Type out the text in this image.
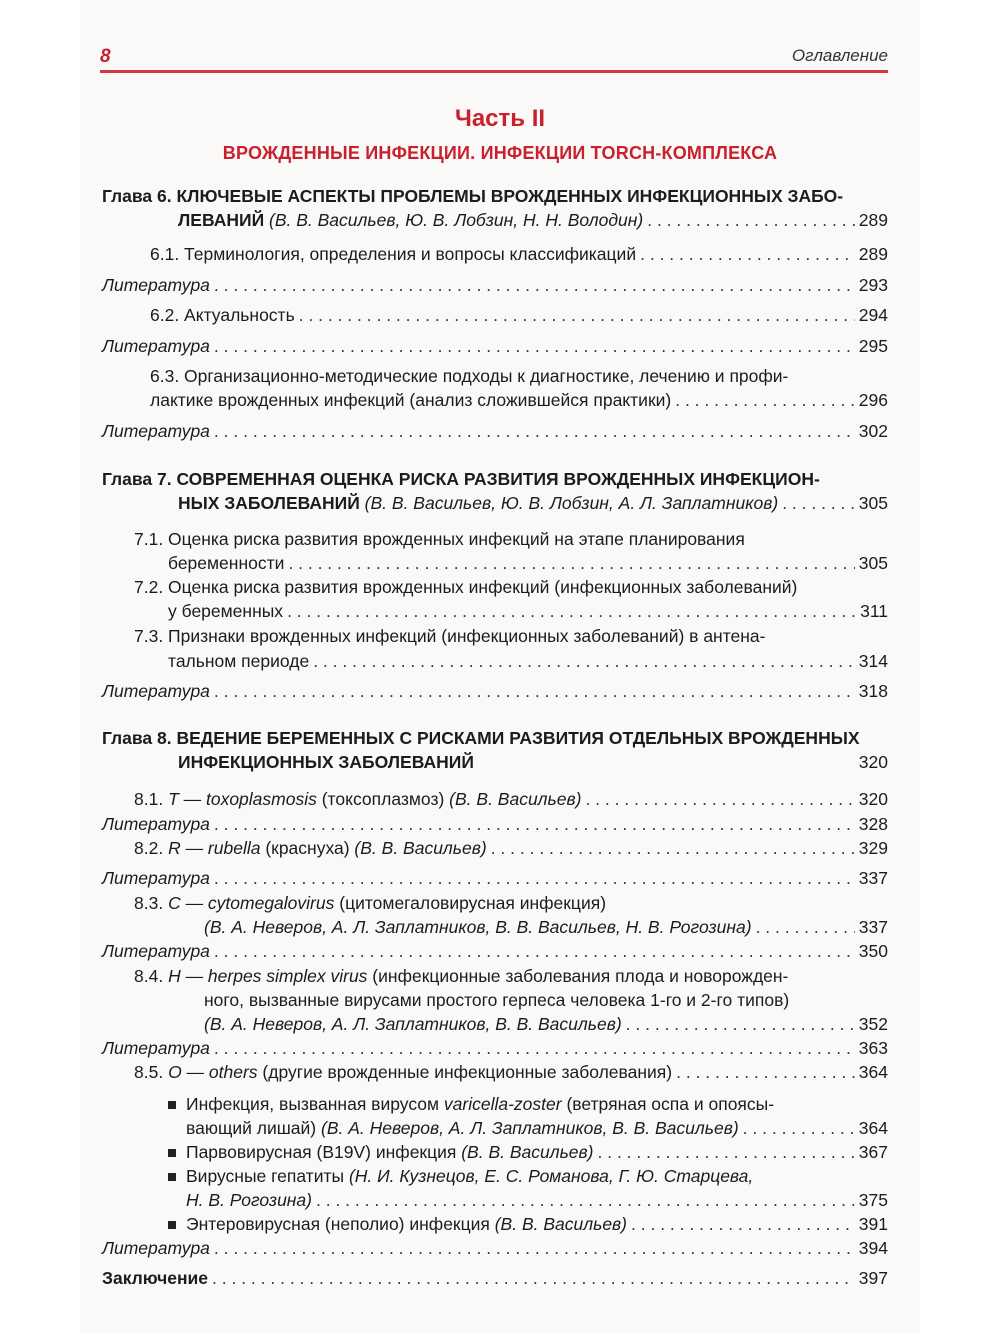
8	Оглавление
Часть II
ВРОЖДЕННЫЕ ИНФЕКЦИИ. ИНФЕКЦИИ TORCH-КОМПЛЕКСА
Глава 6. КЛЮЧЕВЫЕ АСПЕКТЫ ПРОБЛЕМЫ ВРОЖДЕННЫХ ИНФЕКЦИОННЫХ ЗАБО-
ЛЕВАНИЙ (В. В. Васильев, Ю. В. Лобзин, Н. Н. Володин) . . .	289
6.1. Терминология, определения и вопросы классификаций . . .	289
Литература . . .	293
6.2. Актуальность . . .	294
Литература . . .	295
6.3. Организационно-методические подходы к диагностике, лечению и профи-
лактике врожденных инфекций (анализ сложившейся практики) . . .	296
Литература . . .	302
Глава 7. СОВРЕМЕННАЯ ОЦЕНКА РИСКА РАЗВИТИЯ ВРОЖДЕННЫХ ИНФЕКЦИОН-
НЫХ ЗАБОЛЕВАНИЙ (В. В. Васильев, Ю. В. Лобзин, А. Л. Заплатников) . . .	305
7.1. Оценка риска развития врожденных инфекций на этапе планирования
беременности . . .	305
7.2. Оценка риска развития врожденных инфекций (инфекционных заболеваний)
у беременных . . .	311
7.3. Признаки врожденных инфекций (инфекционных заболеваний) в антена-
тальном периоде . . .	314
Литература . . .	318
Глава 8. ВЕДЕНИЕ БЕРЕМЕННЫХ С РИСКАМИ РАЗВИТИЯ ОТДЕЛЬНЫХ ВРОЖДЕННЫХ
ИНФЕКЦИОННЫХ ЗАБОЛЕВАНИЙ	320
8.1. T — toxoplasmosis (токсоплазмоз) (В. В. Васильев) . . .	320
Литература . . .	328
8.2. R — rubella (краснуха) (В. В. Васильев) . . .	329
Литература . . .	337
8.3. C — cytomegalovirus (цитомегаловирусная инфекция)
(В. А. Неверов, А. Л. Заплатников, В. В. Васильев, Н. В. Рогозина) . . .	337
Литература . . .	350
8.4. H — herpes simplex virus (инфекционные заболевания плода и новорожден-
ного, вызванные вирусами простого герпеса человека 1-го и 2-го типов)
(В. А. Неверов, А. Л. Заплатников, В. В. Васильев) . . .	352
Литература . . .	363
8.5. O — others (другие врожденные инфекционные заболевания) . . .	364
Инфекция, вызванная вирусом varicella-zoster (ветряная оспа и опоясы-
вающий лишай) (В. А. Неверов, А. Л. Заплатников, В. В. Васильев) . . .	364
Парвовирусная (B19V) инфекция (В. В. Васильев) . . .	367
Вирусные гепатиты (Н. И. Кузнецов, Е. С. Романова, Г. Ю. Старцева,
Н. В. Рогозина) . . .	375
Энтеровирусная (неполио) инфекция (В. В. Васильев) . . .	391
Литература . . .	394
Заключение . . .	397
